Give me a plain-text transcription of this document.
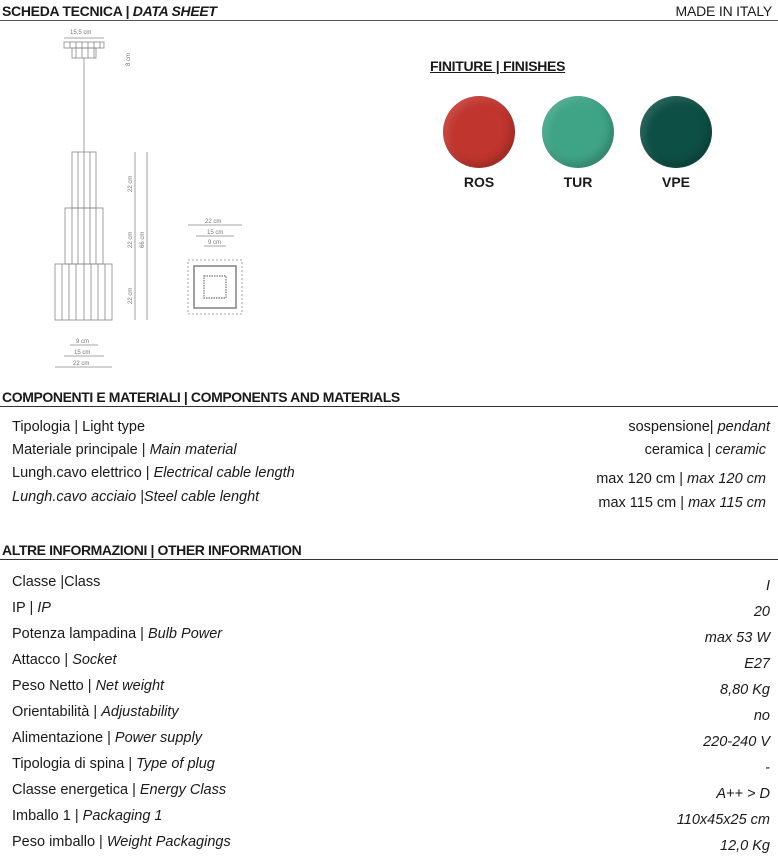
SCHEDA TECNICA | DATA SHEET	MADE IN ITALY
15,5 cm
8 cm
22 cm
22 cm
22 cm
66 cm
9 cm
15 cm
22 cm
22 cm
15 cm
9 cm
FINITURE | FINISHES
ROS	TUR	VPE
COMPONENTI E MATERIALI | COMPONENTS AND MATERIALS
Tipologia | Light type	sospensione| pendant
Materiale principale | Main material	ceramica | ceramic
Lungh.cavo elettrico | Electrical cable length	max 120 cm | max 120 cm
Lungh.cavo acciaio |Steel cable lenght	max 115 cm | max 115 cm
ALTRE INFORMAZIONI | OTHER INFORMATION
Classe |Class	I
IP | IP	20
Potenza lampadina | Bulb Power	max 53 W
Attacco | Socket	E27
Peso Netto | Net weight	8,80 Kg
Orientabilità | Adjustability	no
Alimentazione | Power supply	220-240 V
Tipologia di spina | Type of plug	-
Classe energetica | Energy Class	A++ > D
Imballo 1 | Packaging 1	110x45x25 cm
Peso imballo | Weight Packagings	12,0 Kg
